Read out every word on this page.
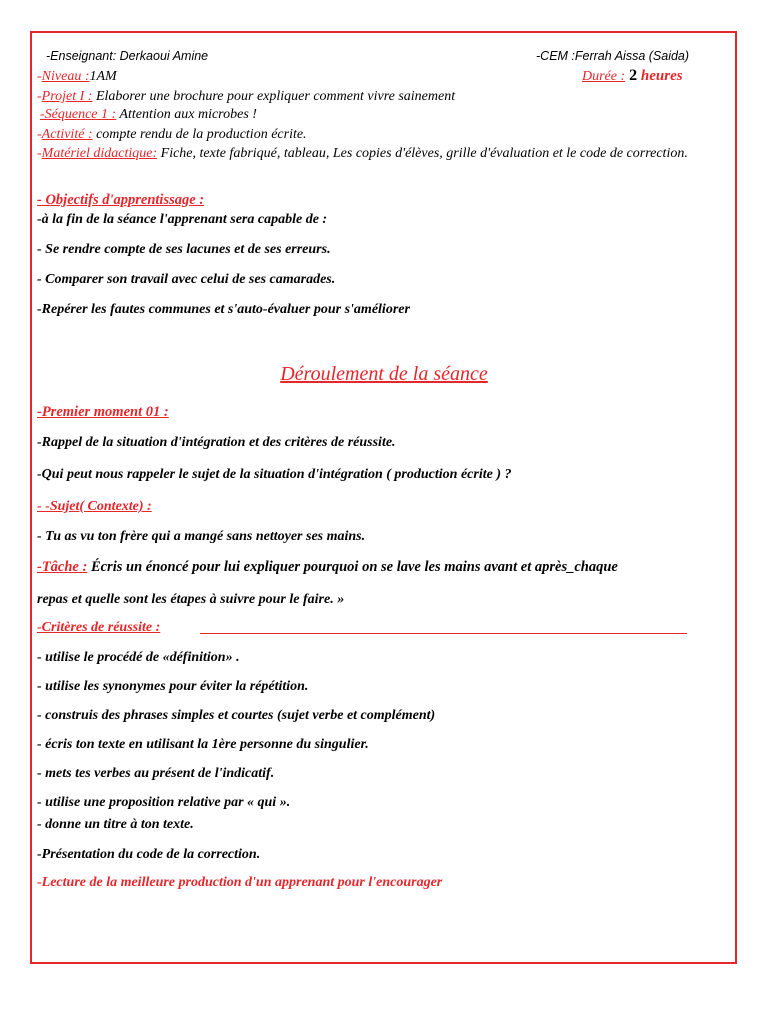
-Enseignant: Derkaoui Amine	-CEM :Ferrah Aissa (Saida)
-Niveau :1AM	Durée : 2 heures
-Projet I : Elaborer une brochure pour expliquer comment vivre sainement
-Séquence 1 : Attention aux microbes !
-Activité : compte rendu de la production écrite.
-Matériel didactique: Fiche, texte fabriqué, tableau, Les copies d'élèves, grille d'évaluation et le code de correction.
- Objectifs d'apprentissage :
-à la fin de la séance l'apprenant sera capable de :
- Se rendre compte de ses lacunes et de ses erreurs.
- Comparer son travail avec celui de ses camarades.
-Repérer les fautes communes et s'auto-évaluer pour s'améliorer
Déroulement de la séance
-Premier moment 01 :
-Rappel de la situation d'intégration et des critères de réussite.
-Qui peut nous rappeler le sujet de la situation d'intégration ( production écrite ) ?
- -Sujet( Contexte) :
- Tu as vu ton frère qui a mangé sans nettoyer ses mains.
-Tâche : Écris un énoncé pour lui expliquer pourquoi on se lave les mains avant et après_chaque
repas et quelle sont les étapes à suivre pour le faire. »
-Critères de réussite :
- utilise le procédé de «définition» .
- utilise les synonymes pour éviter la répétition.
- construis des phrases simples et courtes (sujet verbe et complément)
- écris ton texte en utilisant la 1ère personne du singulier.
- mets tes verbes au présent de l'indicatif.
- utilise une proposition relative par « qui ».
- donne un titre à ton texte.
-Présentation du code de la correction.
-Lecture de la meilleure production d'un apprenant pour l'encourager
